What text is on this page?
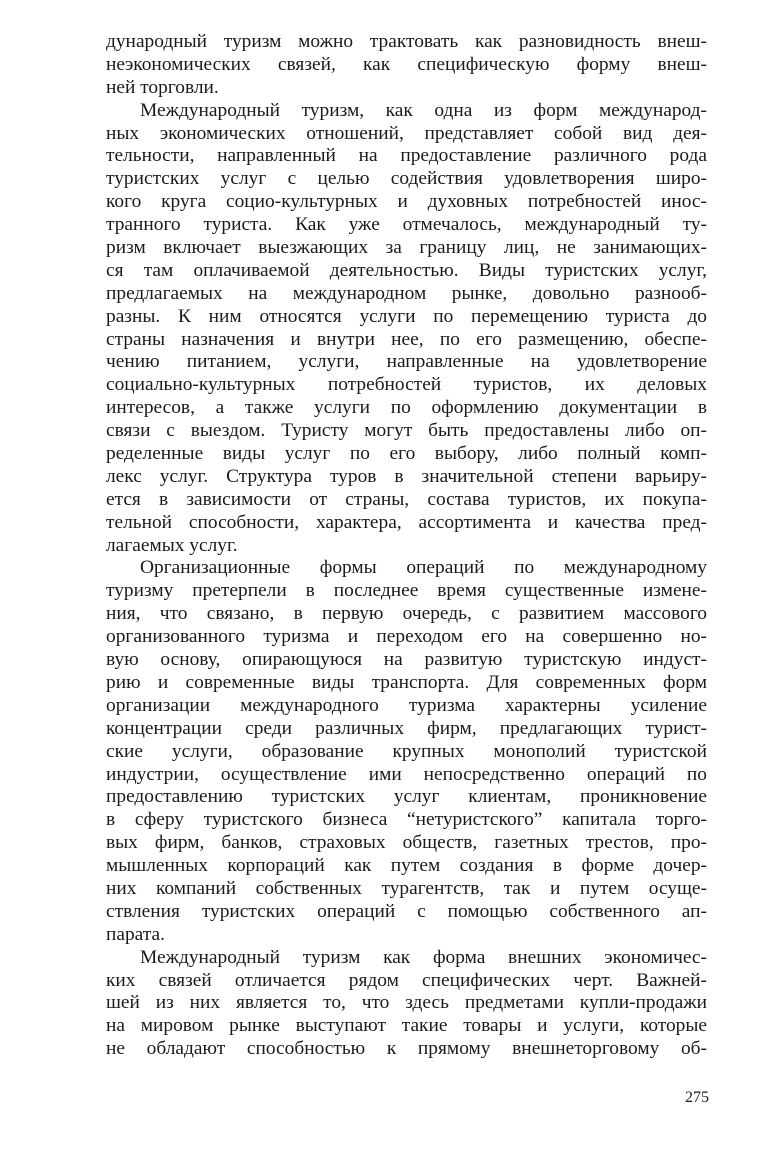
дународный туризм можно трактовать как разновидность внеш-
неэкономических связей, как специфическую форму внеш-
ней торговли.
Международный туризм, как одна из форм международ-
ных экономических отношений, представляет собой вид дея-
тельности, направленный на предоставление различного рода
туристских услуг с целью содействия удовлетворения широ-
кого круга социо-культурных и духовных потребностей инос-
транного туриста. Как уже отмечалось, международный ту-
ризм включает выезжающих за границу лиц, не занимающих-
ся там оплачиваемой деятельностью. Виды туристских услуг,
предлагаемых на международном рынке, довольно разнооб-
разны. К ним относятся услуги по перемещению туриста до
страны назначения и внутри нее, по его размещению, обеспе-
чению питанием, услуги, направленные на удовлетворение
социально-культурных потребностей туристов, их деловых
интересов, а также услуги по оформлению документации в
связи с выездом. Туристу могут быть предоставлены либо оп-
ределенные виды услуг по его выбору, либо полный комп-
лекс услуг. Структура туров в значительной степени варьиру-
ется в зависимости от страны, состава туристов, их покупа-
тельной способности, характера, ассортимента и качества пред-
лагаемых услуг.
Организационные формы операций по международному
туризму претерпели в последнее время существенные измене-
ния, что связано, в первую очередь, с развитием массового
организованного туризма и переходом его на совершенно но-
вую основу, опирающуюся на развитую туристскую индуст-
рию и современные виды транспорта. Для современных форм
организации международного туризма характерны усиление
концентрации среди различных фирм, предлагающих турист-
ские услуги, образование крупных монополий туристской
индустрии, осуществление ими непосредственно операций по
предоставлению туристских услуг клиентам, проникновение
в сферу туристского бизнеса “нетуристского” капитала торго-
вых фирм, банков, страховых обществ, газетных трестов, про-
мышленных корпораций как путем создания в форме дочер-
них компаний собственных турагентств, так и путем осуще-
ствления туристских операций с помощью собственного ап-
парата.
Международный туризм как форма внешних экономичес-
ких связей отличается рядом специфических черт. Важней-
шей из них является то, что здесь предметами купли-продажи
на мировом рынке выступают такие товары и услуги, которые
не обладают способностью к прямому внешнеторговому об-
275
